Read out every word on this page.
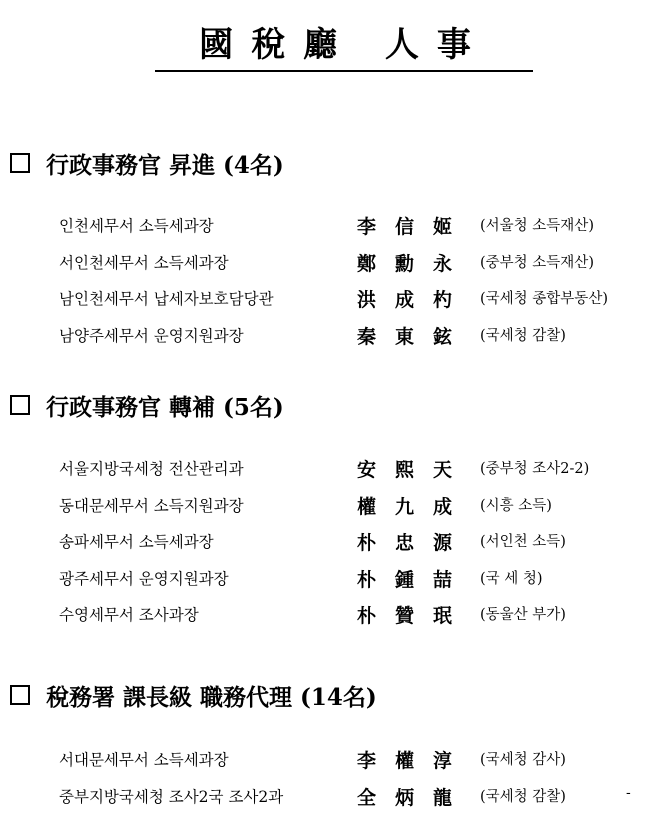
國稅廳 人事
行政事務官 昇進 (4名)
인천세무서 소득세과장	李信姬 (서울청 소득재산)
서인천세무서 소득세과장	鄭勳永 (중부청 소득재산)
남인천세무서 납세자보호담당관	洪成杓 (국세청 종합부동산)
남양주세무서 운영지원과장	秦東鉉 (국세청 감찰)
行政事務官 轉補 (5名)
서울지방국세청 전산관리과	安熙天 (중부청 조사2-2)
동대문세무서 소득지원과장	權九成 (시흥 소득)
송파세무서 소득세과장	朴忠源 (서인천 소득)
광주세무서 운영지원과장	朴鍾喆 (국 세 청)
수영세무서 조사과장	朴贊珉 (동울산 부가)
稅務署 課長級 職務代理 (14名)
서대문세무서 소득세과장	李權淳 (국세청 감사)
중부지방국세청 조사2국 조사2과	全炳龍 (국세청 감찰)	-
